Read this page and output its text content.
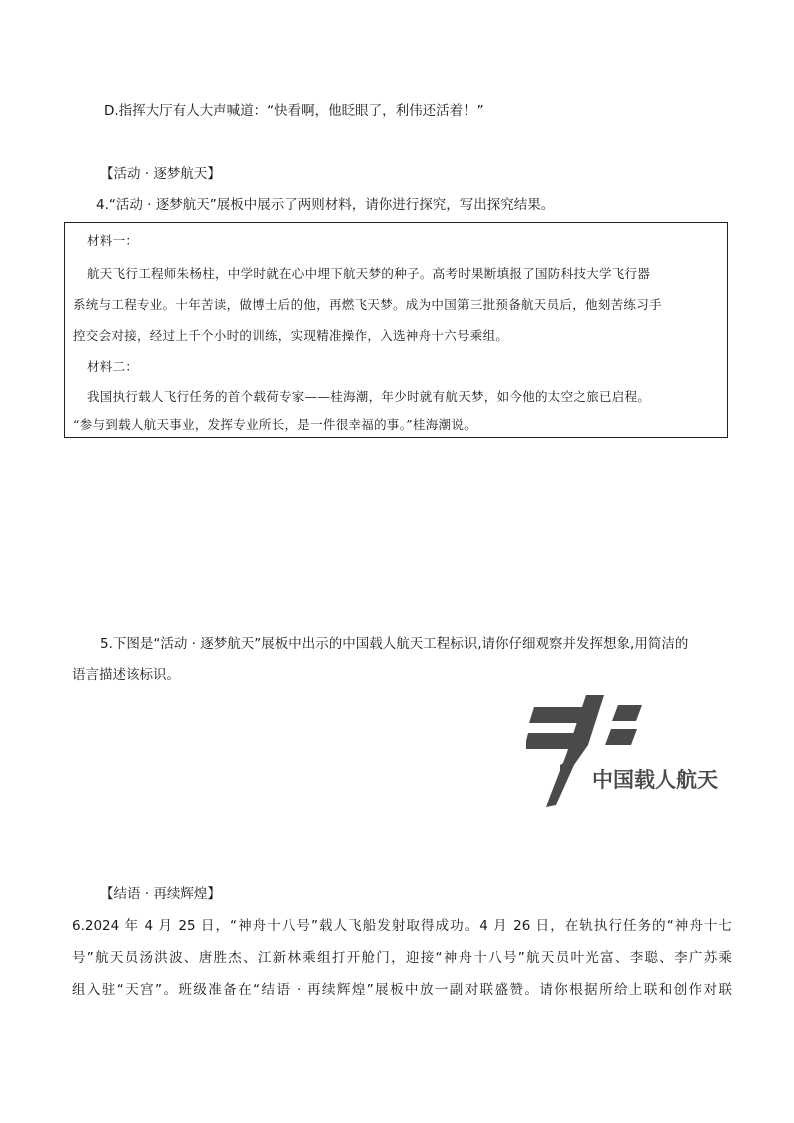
D.指挥大厅有人大声喊道：“快看啊，他眨眼了，利伟还活着！”
【活动 · 逐梦航天】
4.“活动 · 逐梦航天”展板中展示了两则材料，请你进行探究，写出探究结果。
材料一：
航天飞行工程师朱杨柱，中学时就在心中埋下航天梦的种子。高考时果断填报了国防科技大学飞行器
系统与工程专业。十年苦读，做博士后的他，再燃飞天梦。成为中国第三批预备航天员后，他刻苦练习手
控交会对接，经过上千个小时的训练，实现精准操作，入选神舟十六号乘组。
材料二：
我国执行载人飞行任务的首个载荷专家——桂海潮，年少时就有航天梦，如今他的太空之旅已启程。
“参与到载人航天事业，发挥专业所长，是一件很幸福的事。”桂海潮说。
5.下图是“活动 · 逐梦航天”展板中出示的中国载人航天工程标识,请你仔细观察并发挥想象,用简洁的
语言描述该标识。
中国载人航天
【结语 · 再续辉煌】
6.2024 年 4 月 25 日，“神舟十八号”载人飞船发射取得成功。4 月 26 日，在轨执行任务的“神舟十七
号”航天员汤洪波、唐胜杰、江新林乘组打开舱门，迎接“神舟十八号”航天员叶光富、李聪、李广苏乘
组入驻“天宫”。班级准备在“结语 · 再续辉煌”展板中放一副对联盛赞。请你根据所给上联和创作对联
